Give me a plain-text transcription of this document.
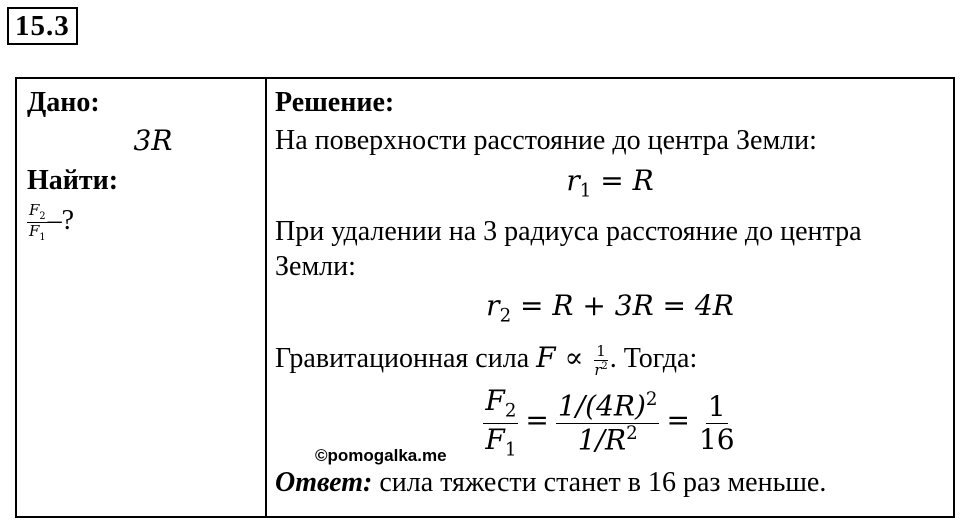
15.3
Дано:
3R
Найти:
$\frac{F_2}{F_1}$ –?
Решение:
На поверхности расстояние до центра Земли:
$r_1 = R$
При удалении на 3 радиуса расстояние до центра
Земли:
$r_2 = R + 3R = 4R$
Гравитационная сила $F \propto \frac{1}{r^2}$ . Тогда:
$\frac{F_2}{F_1} = \frac{1/(4R)^2}{1/R^2} = \frac{1}{16}$
Ответ: сила тяжести станет в 16 раз меньше.
©pomogalka.me
